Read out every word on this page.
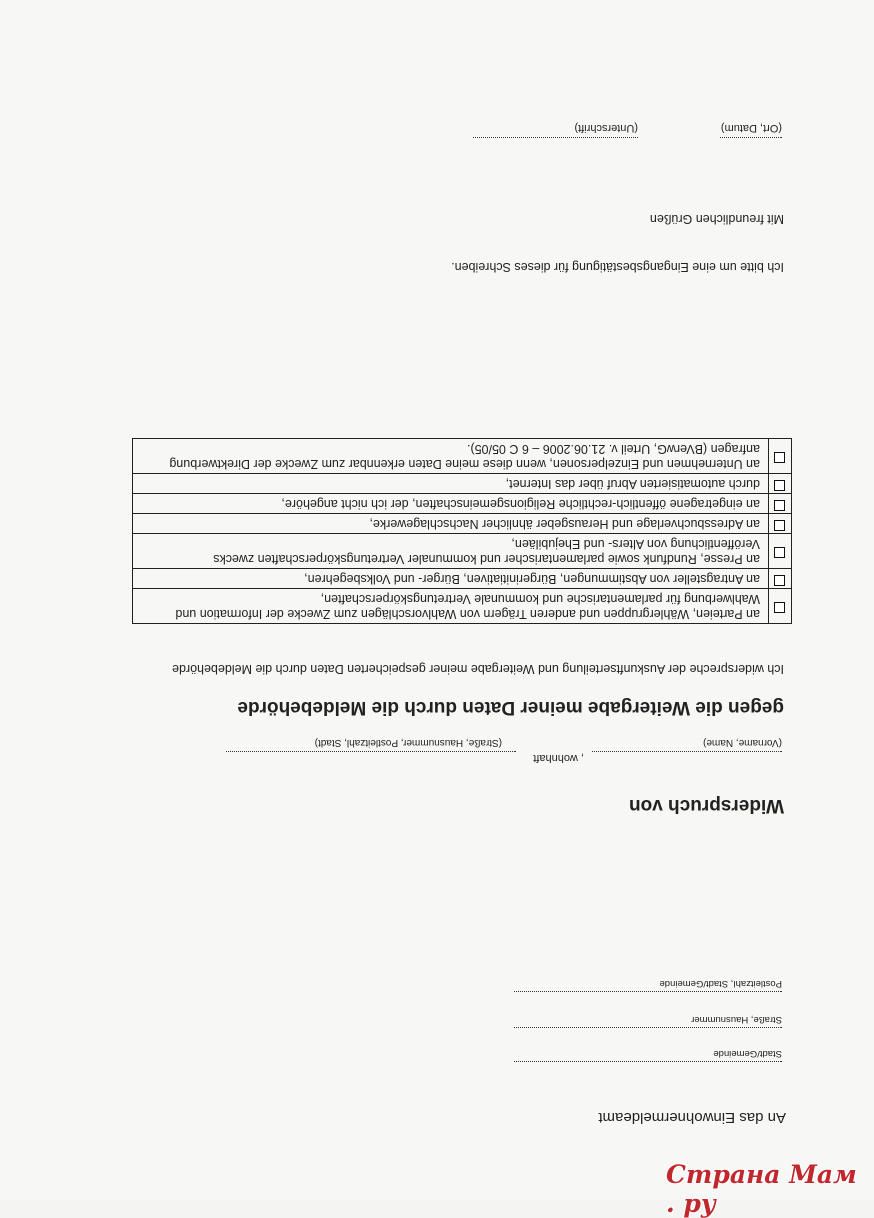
An das Einwohnermeldeamt
Stadt/Gemeinde
Straße, Hausnummer
Postleitzahl, Stadt/Gemeinde
Widerspruch von
, wohnhaft
(Vorname, Name)
(Straße, Hausnummer, Postleitzahl, Stadt)
gegen die Weitergabe meiner Daten durch die Meldebehörde
Ich widerspreche der Auskunftserteilung und Weitergabe meiner gespeicherten Daten durch die Meldebehörde
	an Parteien, Wählergruppen und anderen Trägern von Wahlvorschlägen zum Zwecke der Information und Wahlwerbung für parlamentarische und kommunale Vertretungskörperschaften,
	an Antragsteller von Abstimmungen, Bürgerinitiativen, Bürger- und Volksbegehren,
	an Presse, Rundfunk sowie parlamentarischer und kommunaler Vertretungskörperschaften zwecks Veröffentlichung von Alters- und Ehejubiläen,
	an Adressbuchverlage und Herausgeber ähnlicher Nachschlagewerke,
	an eingetragene öffentlich-rechtliche Religionsgemeinschaften, der ich nicht angehöre,
	durch automatisierten Abruf über das Internet,
	an Unternehmen und Einzelpersonen, wenn diese meine Daten erkennbar zum Zwecke der Direktwerbung anfragen (BVerwG, Urteil v. 21.06.2006 – 6 C 05/05).
Ich bitte um eine Eingangsbestätigung für dieses Schreiben.
Mit freundlichen Grüßen
(Ort, Datum)
(Unterschrift)
Страна Мам . ру
